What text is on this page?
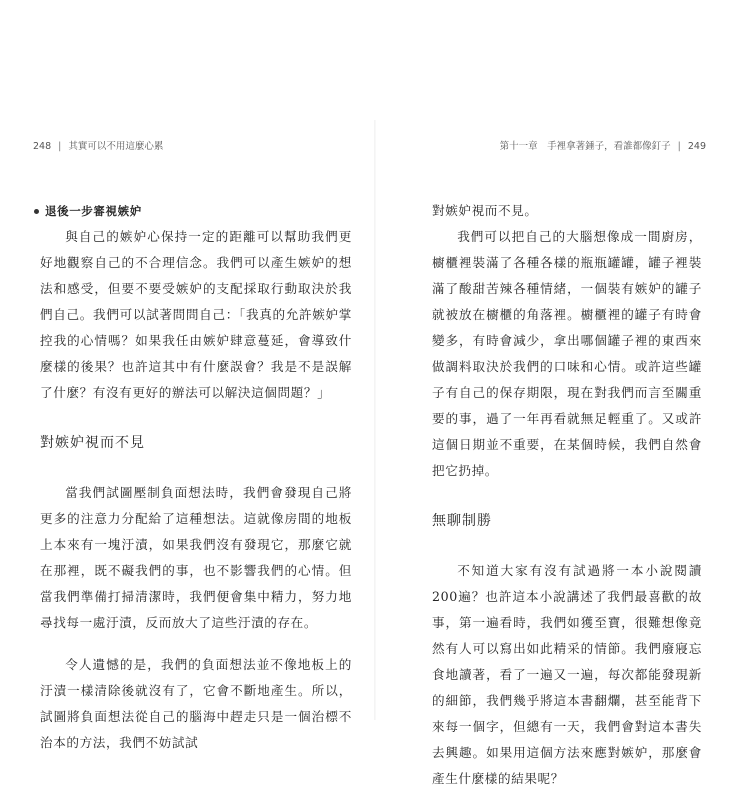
248 | 其實可以不用這麼心累

退後一步審視嫉妒

與自己的嫉妒心保持一定的距離可以幫助我們更好地觀察自己的不合理信念。我們可以產生嫉妒的想法和感受，但要不要受嫉妒的支配採取行動取決於我們自己。我們可以試著問問自己：「我真的允許嫉妒掌控我的心情嗎？如果我任由嫉妒肆意蔓延，會導致什麼樣的後果？也許這其中有什麼誤會？我是不是誤解了什麼？有沒有更好的辦法可以解決這個問題？」

對嫉妒視而不見

當我們試圖壓制負面想法時，我們會發現自己將更多的注意力分配給了這種想法。這就像房間的地板上本來有一塊汙漬，如果我們沒有發現它，那麼它就在那裡，既不礙我們的事，也不影響我們的心情。但當我們準備打掃清潔時，我們便會集中精力，努力地尋找每一處汙漬，反而放大了這些汙漬的存在。

令人遺憾的是，我們的負面想法並不像地板上的汙漬一樣清除後就沒有了，它會不斷地產生。所以，試圖將負面想法從自己的腦海中趕走只是一個治標不治本的方法，我們不妨試試

第十一章　手裡拿著錘子，看誰都像釘子 | 249

對嫉妒視而不見。

我們可以把自己的大腦想像成一間廚房，櫥櫃裡裝滿了各種各樣的瓶瓶罐罐，罐子裡裝滿了酸甜苦辣各種情緒，一個裝有嫉妒的罐子就被放在櫥櫃的角落裡。櫥櫃裡的罐子有時會變多，有時會減少，拿出哪個罐子裡的東西來做調料取決於我們的口味和心情。或許這些罐子有自己的保存期限，現在對我們而言至關重要的事，過了一年再看就無足輕重了。又或許這個日期並不重要，在某個時候，我們自然會把它扔掉。

無聊制勝

不知道大家有沒有試過將一本小說閱讀200遍？也許這本小說講述了我們最喜歡的故事，第一遍看時，我們如獲至寶，很難想像竟然有人可以寫出如此精采的情節。我們廢寢忘食地讀著，看了一遍又一遍，每次都能發現新的細節，我們幾乎將這本書翻爛，甚至能背下來每一個字，但總有一天，我們會對這本書失去興趣。如果用這個方法來應對嫉妒，那麼會產生什麼樣的結果呢？
